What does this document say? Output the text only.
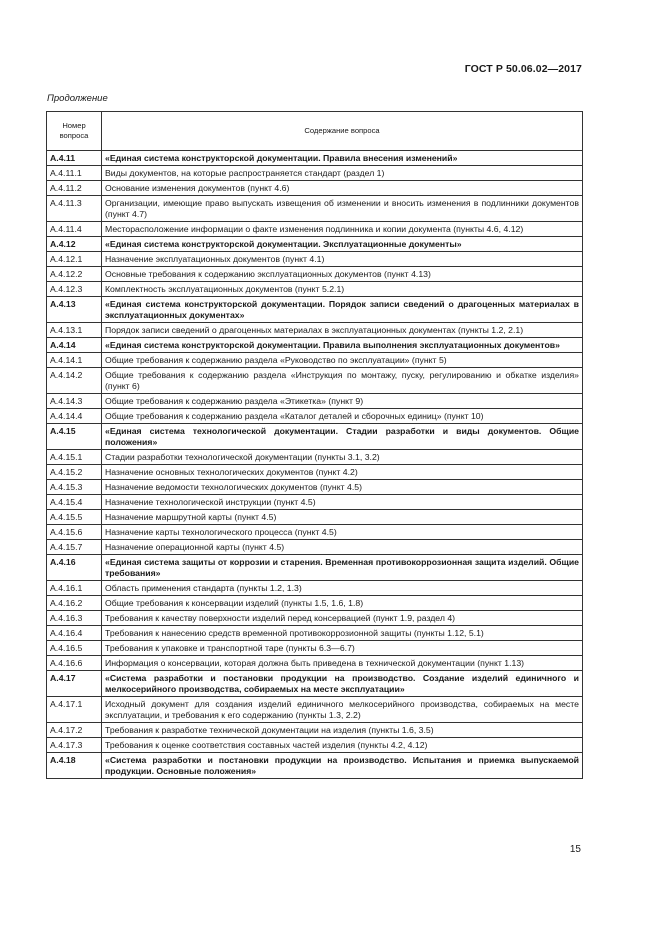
ГОСТ Р 50.06.02—2017
Продолжение
Номер вопроса	Содержание вопроса
А.4.11	«Единая система конструкторской документации. Правила внесения изменений»
А.4.11.1	Виды документов, на которые распространяется стандарт (раздел 1)
А.4.11.2	Основание изменения документов (пункт 4.6)
А.4.11.3	Организации, имеющие право выпускать извещения об изменении и вносить изменения в подлинники документов (пункт 4.7)
А.4.11.4	Месторасположение информации о факте изменения подлинника и копии документа (пункты 4.6, 4.12)
А.4.12	«Единая система конструкторской документации. Эксплуатационные документы»
А.4.12.1	Назначение эксплуатационных документов (пункт 4.1)
А.4.12.2	Основные требования к содержанию эксплуатационных документов (пункт 4.13)
А.4.12.3	Комплектность эксплуатационных документов (пункт 5.2.1)
А.4.13	«Единая система конструкторской документации. Порядок записи сведений о драгоценных материалах в эксплуатационных документах»
А.4.13.1	Порядок записи сведений о драгоценных материалах в эксплуатационных документах (пункты 1.2, 2.1)
А.4.14	«Единая система конструкторской документации. Правила выполнения эксплуатационных документов»
А.4.14.1	Общие требования к содержанию раздела «Руководство по эксплуатации» (пункт 5)
А.4.14.2	Общие требования к содержанию раздела «Инструкция по монтажу, пуску, регулированию и обкатке изделия» (пункт 6)
А.4.14.3	Общие требования к содержанию раздела «Этикетка» (пункт 9)
А.4.14.4	Общие требования к содержанию раздела «Каталог деталей и сборочных единиц» (пункт 10)
А.4.15	«Единая система технологической документации. Стадии разработки и виды документов. Общие положения»
А.4.15.1	Стадии разработки технологической документации (пункты 3.1, 3.2)
А.4.15.2	Назначение основных технологических документов (пункт 4.2)
А.4.15.3	Назначение ведомости технологических документов (пункт 4.5)
А.4.15.4	Назначение технологической инструкции (пункт 4.5)
А.4.15.5	Назначение маршрутной карты (пункт 4.5)
А.4.15.6	Назначение карты технологического процесса (пункт 4.5)
А.4.15.7	Назначение операционной карты (пункт 4.5)
А.4.16	«Единая система защиты от коррозии и старения. Временная противокоррозионная защита изделий. Общие требования»
А.4.16.1	Область применения стандарта (пункты 1.2, 1.3)
А.4.16.2	Общие требования к консервации изделий (пункты 1.5, 1.6, 1.8)
А.4.16.3	Требования к качеству поверхности изделий перед консервацией (пункт 1.9, раздел 4)
А.4.16.4	Требования к нанесению средств временной противокоррозионной защиты (пункты 1.12, 5.1)
А.4.16.5	Требования к упаковке и транспортной таре (пункты 6.3—6.7)
А.4.16.6	Информация о консервации, которая должна быть приведена в технической документации (пункт 1.13)
А.4.17	«Система разработки и постановки продукции на производство. Создание изделий единичного и мелкосерийного производства, собираемых на месте эксплуатации»
А.4.17.1	Исходный документ для создания изделий единичного мелкосерийного производства, собираемых на месте эксплуатации, и требования к его содержанию (пункты 1.3, 2.2)
А.4.17.2	Требования к разработке технической документации на изделия (пункты 1.6, 3.5)
А.4.17.3	Требования к оценке соответствия составных частей изделия (пункты 4.2, 4.12)
А.4.18	«Система разработки и постановки продукции на производство. Испытания и приемка выпускаемой продукции. Основные положения»
15
